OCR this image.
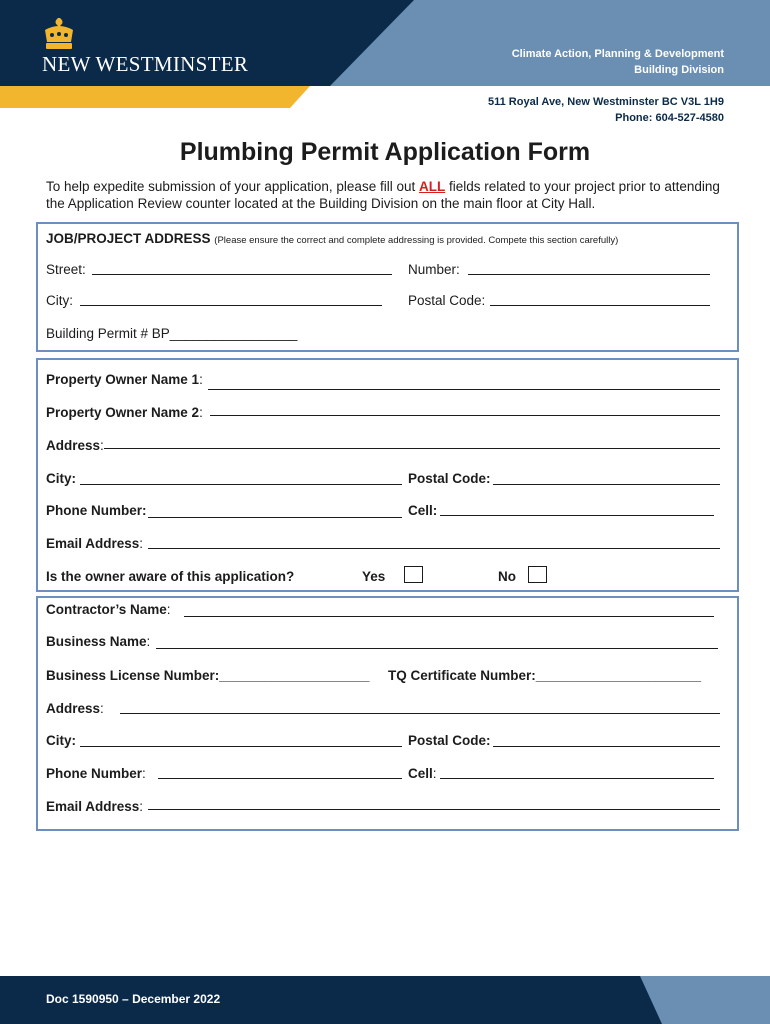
NEW WESTMINSTER	Climate Action, Planning & Development
Building Division
511 Royal Ave, New Westminster BC V3L 1H9
Phone: 604-527-4580
Plumbing Permit Application Form
To help expedite submission of your application, please fill out ALL fields related to your project prior to attending the Application Review counter located at the Building Division on the main floor at City Hall.
JOB/PROJECT ADDRESS (Please ensure the correct and complete addressing is provided. Compete this section carefully)
Street:	Number:
City:	Postal Code:
Building Permit # BP_________________
Property Owner Name 1:
Property Owner Name 2:
Address:
City:	Postal Code:
Phone Number:	Cell:
Email Address:
Is the owner aware of this application?	Yes	No
Contractor’s Name:
Business Name:
Business License Number:____________________ TQ Certificate Number:______________________
Address:
City:	Postal Code:
Phone Number:	Cell:
Email Address:
Doc 1590950 – December 2022
